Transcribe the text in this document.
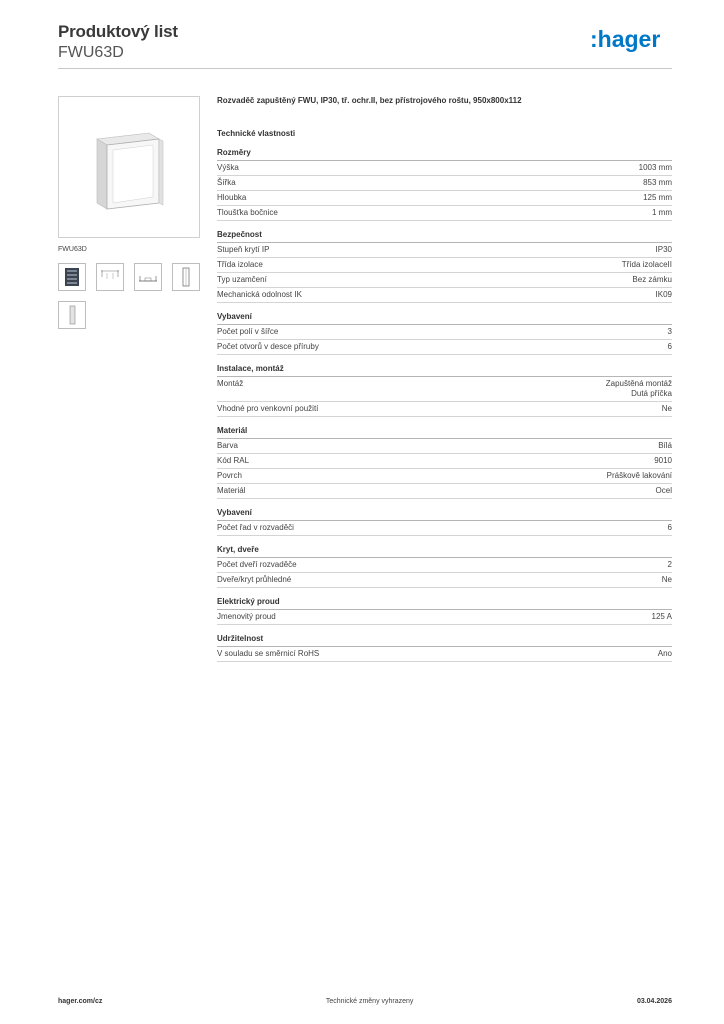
Produktový list
FWU63D
:hager
FWU63D
Rozvaděč zapuštěný FWU, IP30, tř. ochr.II, bez přístrojového roštu, 950x800x112
Technické vlastnosti
Rozměry
Výška	1003 mm
Šířka	853 mm
Hloubka	125 mm
Tloušťka bočnice	1 mm
Bezpečnost
Stupeň krytí IP	IP30
Třída izolace	Třída izolaceII
Typ uzamčení	Bez zámku
Mechanická odolnost IK	IK09
Vybavení
Počet polí v šířce	3
Počet otvorů v desce příruby	6
Instalace, montáž
Montáž	Zapuštěná montáž
Dutá příčka
Vhodné pro venkovní použití	Ne
Materiál
Barva	Bílá
Kód RAL	9010
Povrch	Práškově lakování
Materiál	Ocel
Vybavení
Počet řad v rozvaděči	6
Kryt, dveře
Počet dveří rozvaděče	2
Dveře/kryt průhledné	Ne
Elektrický proud
Jmenovitý proud	125 A
Udržitelnost
V souladu se směrnicí RoHS	Ano
hager.com/cz	Technické změny vyhrazeny	03.04.2026
